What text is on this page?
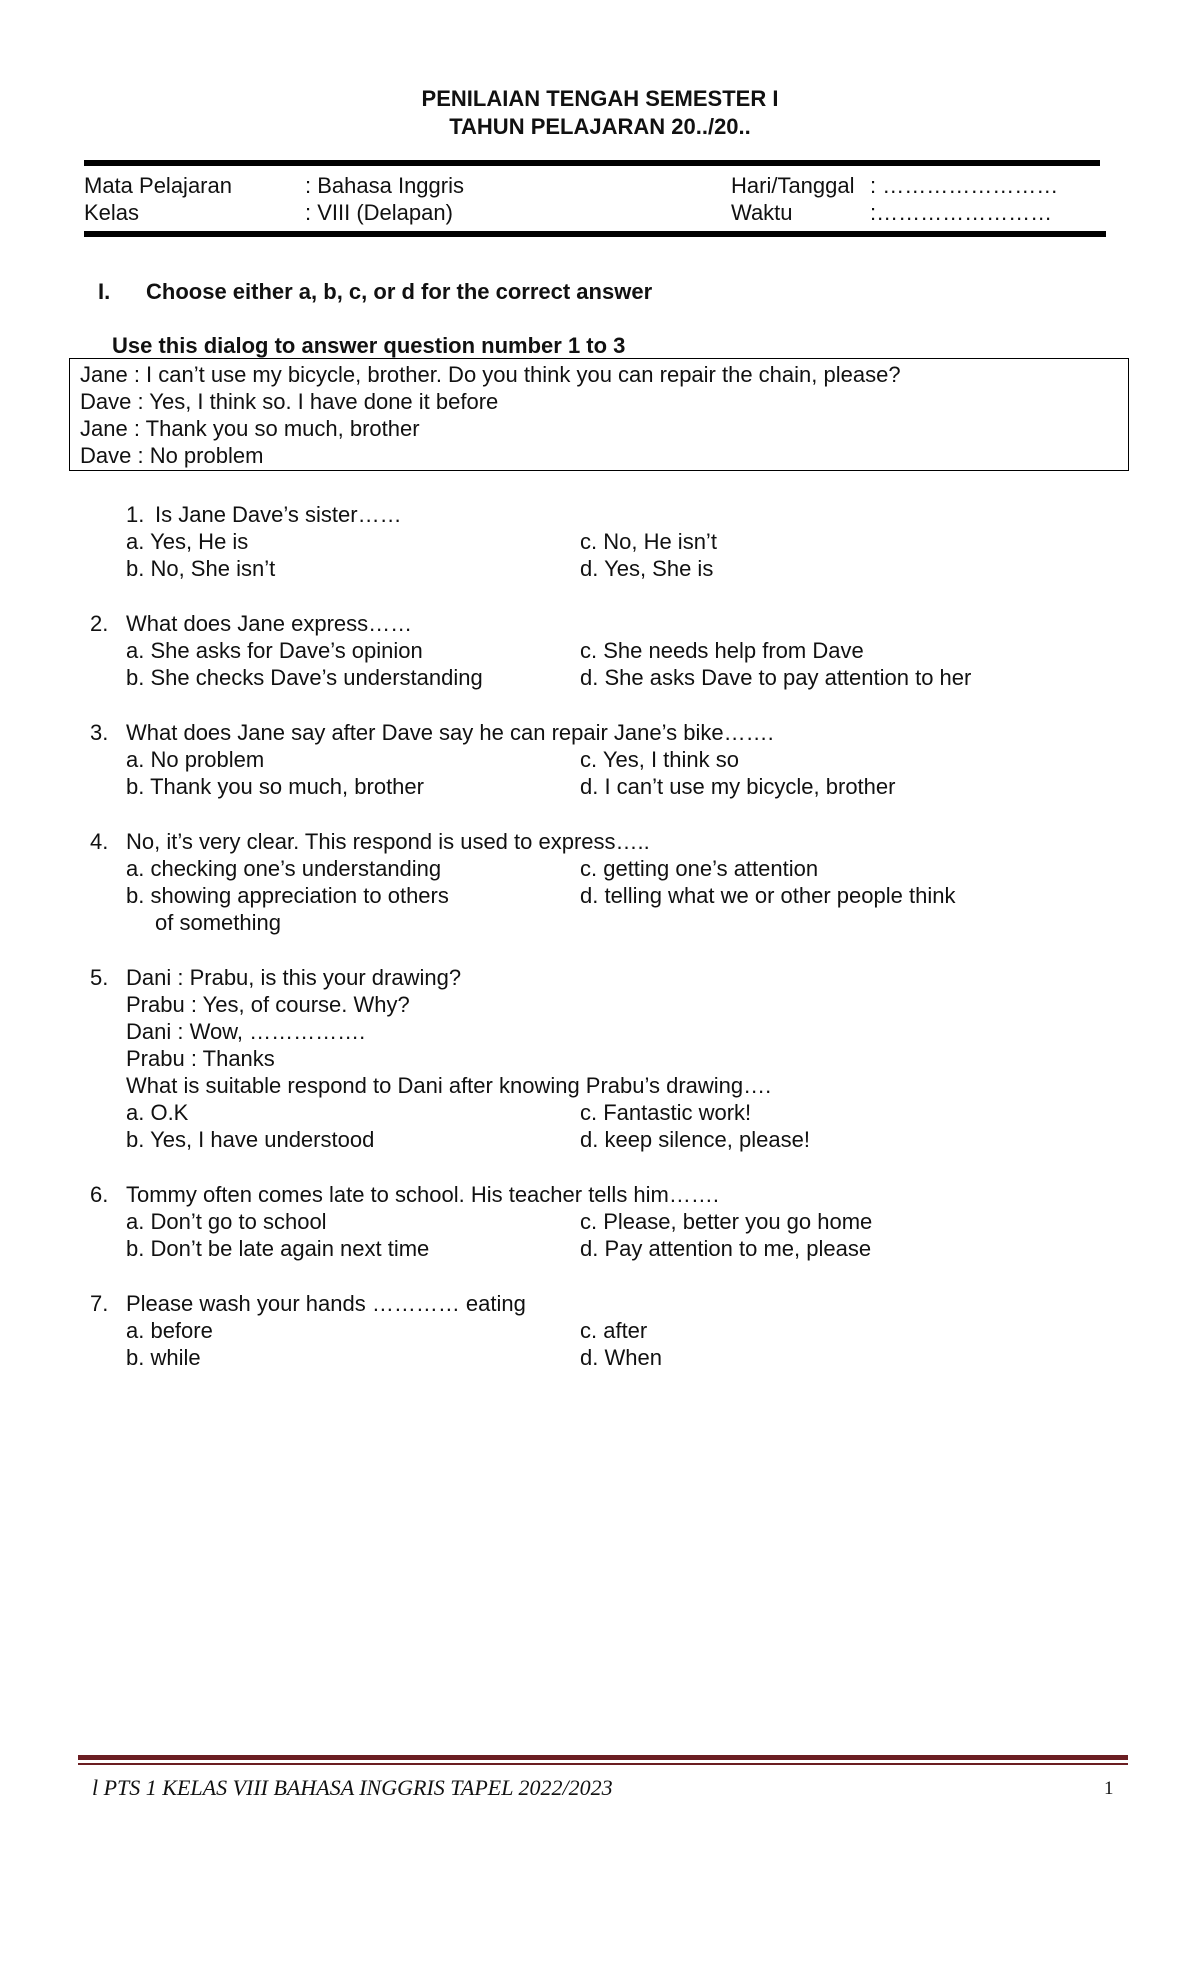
PENILAIAN TENGAH SEMESTER I
TAHUN PELAJARAN 20../20..
Mata Pelajaran	: Bahasa Inggris
Kelas	: VIII (Delapan)
Hari/Tanggal : ……………………
Waktu	:……………………
I. Choose either a, b, c, or d for the correct answer
Use this dialog to answer question number 1 to 3
Jane : I can’t use my bicycle, brother. Do you think you can repair the chain, please?
Dave : Yes, I think so. I have done it before
Jane : Thank you so much, brother
Dave : No problem
1. Is Jane Dave’s sister……
a. Yes, He is	c. No, He isn’t
b. No, She isn’t	d. Yes, She is
2. What does Jane express……
a. She asks for Dave’s opinion	c. She needs help from Dave
b. She checks Dave’s understanding	d. She asks Dave to pay attention to her
3. What does Jane say after Dave say he can repair Jane’s bike…….
a. No problem	c. Yes, I think so
b. Thank you so much, brother	d. I can’t use my bicycle, brother
4. No, it’s very clear. This respond is used to express…..
a. checking one’s understanding	c. getting one’s attention
b. showing appreciation to others	d. telling what we or other people think
of something
5. Dani : Prabu, is this your drawing?
Prabu : Yes, of course. Why?
Dani : Wow, …………….
Prabu : Thanks
What is suitable respond to Dani after knowing Prabu’s drawing….
a. O.K	c. Fantastic work!
b. Yes, I have understood	d. keep silence, please!
6. Tommy often comes late to school. His teacher tells him…….
a. Don’t go to school	c. Please, better you go home
b. Don’t be late again next time	d. Pay attention to me, please
7. Please wash your hands ………… eating
a. before	c. after
b. while	d. When
l PTS 1 KELAS VIII BAHASA INGGRIS TAPEL 2022/2023	1
